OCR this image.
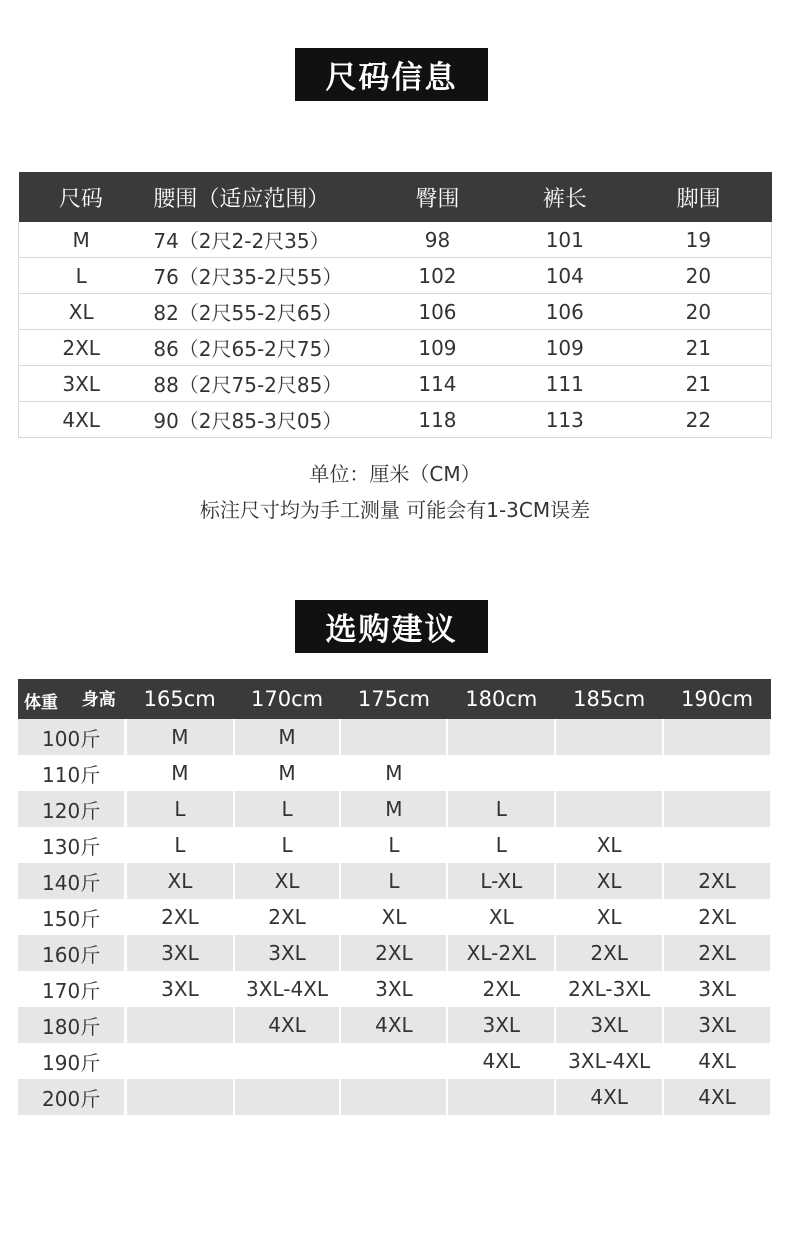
尺码信息
尺码	腰围（适应范围）	臀围	裤长	脚围
M	74（2尺2-2尺35）	98	101	19
L	76（2尺35-2尺55）	102	104	20
XL	82（2尺55-2尺65）	106	106	20
2XL	86（2尺65-2尺75）	109	109	21
3XL	88（2尺75-2尺85）	114	111	21
4XL	90（2尺85-3尺05）	118	113	22
单位：厘米（CM）
标注尺寸均为手工测量 可能会有1-3CM误差
选购建议
体重 身高	165cm	170cm	175cm	180cm	185cm	190cm
100斤	M	M				
110斤	M	M	M			
120斤	L	L	M	L		
130斤	L	L	L	L	XL	
140斤	XL	XL	L	L-XL	XL	2XL
150斤	2XL	2XL	XL	XL	XL	2XL
160斤	3XL	3XL	2XL	XL-2XL	2XL	2XL
170斤	3XL	3XL-4XL	3XL	2XL	2XL-3XL	3XL
180斤		4XL	4XL	3XL	3XL	3XL
190斤				4XL	3XL-4XL	4XL
200斤					4XL	4XL
